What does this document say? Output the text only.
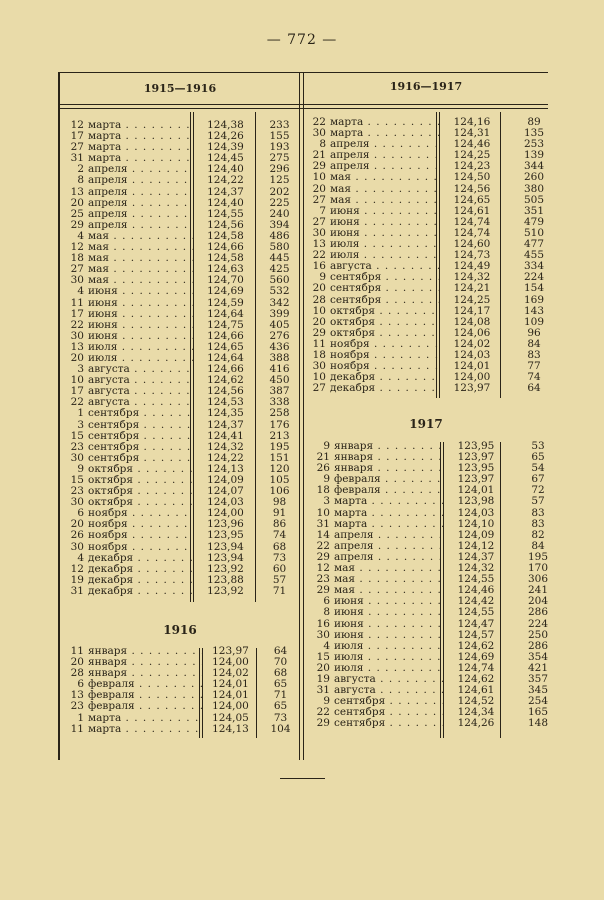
— 772 —
1915—1916	1916—1917
12 марта . . .	124,38	233
17 марта . . .	124,26	155
27 марта . . .	124,39	193
31 марта . . .	124,45	275
2 апреля . . .	124,40	296
8 апреля . . .	124,22	125
13 апреля . . .	124,37	202
20 апреля . . .	124,40	225
25 апреля . . .	124,55	240
29 апреля . . .	124,56	394
4 мая . . .	124,58	486
12 мая . . .	124,66	580
18 мая . . .	124,58	445
27 мая . . .	124,63	425
30 мая . . .	124,70	560
4 июня . . .	124,69	532
11 июня . . .	124,59	342
17 июня . . .	124,64	399
22 июня . . .	124,75	405
30 июня . . .	124,66	276
13 июля . . .	124,65	436
20 июля . . .	124,64	388
3 августа . . .	124,66	416
10 августа . . .	124,62	450
17 августа . . .	124,56	387
22 августа . . .	124,53	338
1 сентября . . .	124,35	258
3 сентября . . .	124,37	176
15 сентября . . .	124,41	213
23 сентября . . .	124,32	195
30 сентября . . .	124,22	151
9 октября . . .	124,13	120
15 октября . . .	124,09	105
23 октября . . .	124,07	106
30 октября . . .	124,03	98
6 ноября . . .	124,00	91
20 ноября . . .	123,96	86
26 ноября . . .	123,95	74
30 ноября . . .	123,94	68
4 декабря . . .	123,94	73
12 декабря . . .	123,92	60
19 декабря . . .	123,88	57
31 декабря . . .	123,92	71
1916
11 января . . .	123,97	64
20 января . . .	124,00	70
28 января . . .	124,02	68
6 февраля . . .	124,01	65
13 февраля . . .	124,01	71
23 февраля . . .	124,00	65
1 марта . . .	124,05	73
11 марта . . .	124,13	104
22 марта . . .	124,16	89
30 марта . . .	124,31	135
8 апреля . . .	124,46	253
21 апреля . . .	124,25	139
29 апреля . . .	124,23	344
10 мая . . .	124,50	260
20 мая . . .	124,56	380
27 мая . . .	124,65	505
7 июня . . .	124,61	351
27 июня . . .	124,74	479
30 июня . . .	124,74	510
13 июля . . .	124,60	477
22 июля . . .	124,73	455
16 августа . . .	124,49	334
9 сентября . . .	124,32	224
20 сентября . . .	124,21	154
28 сентября . . .	124,25	169
10 октября . . .	124,17	143
20 октября . . .	124,08	109
29 октября . . .	124,06	96
11 ноября . . .	124,02	84
18 ноября . . .	124,03	83
30 ноября . . .	124,01	77
10 декабря . . .	124,00	74
27 декабря . . .	123,97	64
1917
9 января . . .	123,95	53
21 января . . .	123,97	65
26 января . . .	123,95	54
9 февраля . . .	123,97	67
18 февраля . . .	124,01	72
3 марта . . .	123,98	57
10 марта . . .	124,03	83
31 марта . . .	124,10	83
14 апреля . . .	124,09	82
22 апреля . . .	124,12	84
29 апреля . . .	124,37	195
12 мая . . .	124,32	170
23 мая . . .	124,55	306
29 мая . . .	124,46	241
6 июня . . .	124,42	204
8 июня . . .	124,55	286
16 июня . . .	124,47	224
30 июня . . .	124,57	250
4 июля . . .	124,62	286
15 июля . . .	124,69	354
20 июля . . .	124,74	421
19 августа . . .	124,62	357
31 августа . . .	124,61	345
9 сентября . . .	124,52	254
22 сентября . . .	124,34	165
29 сентября . . .	124,26	148
